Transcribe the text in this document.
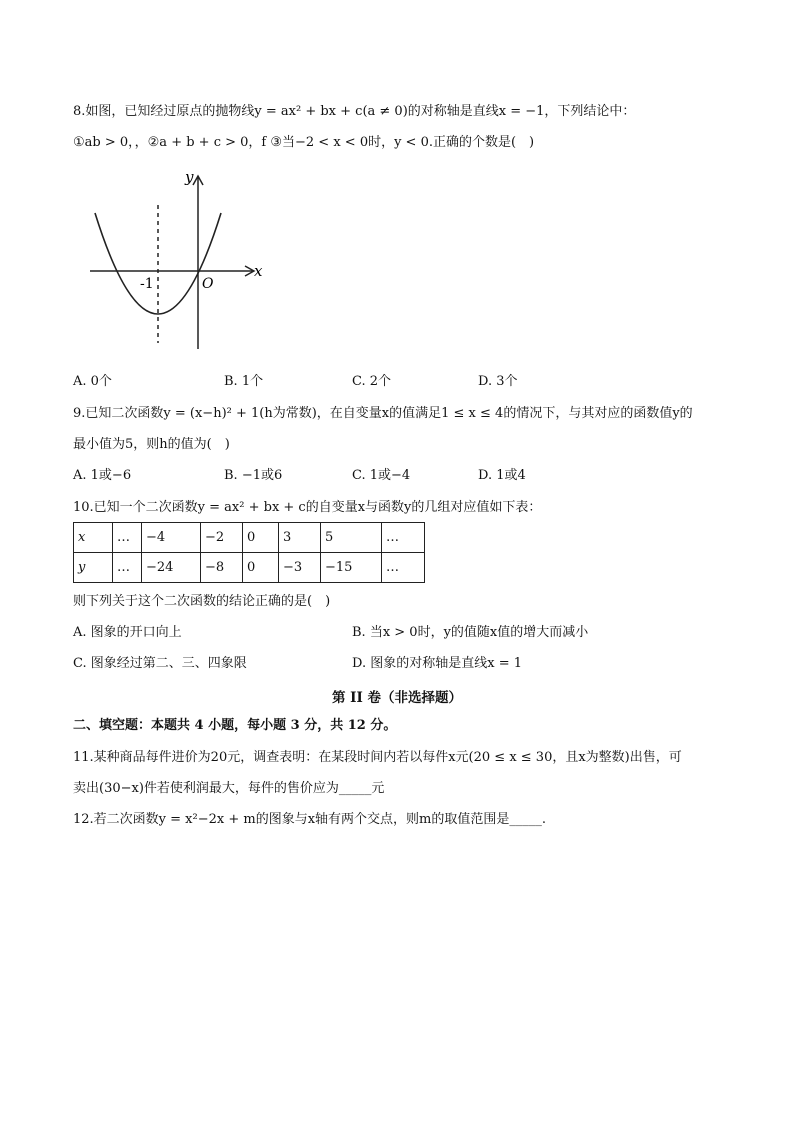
8.如图，已知经过原点的抛物线y = ax² + bx + c(a ≠ 0)的对称轴是直线x = −1，下列结论中：
①ab > 0，，②a + b + c > 0，f ③当−2 < x < 0时，y < 0.正确的个数是(　)
y
x
O
-1
A. 0个	B. 1个	C. 2个	D. 3个
9.已知二次函数y = (x−h)² + 1(h为常数)，在自变量x的值满足1 ≤ x ≤ 4的情况下，与其对应的函数值y的
最小值为5，则h的值为(　)
A. 1或−6	B. −1或6	C. 1或−4	D. 1或4
10.已知一个二次函数y = ax² + bx + c的自变量x与函数y的几组对应值如下表：
x	…	−4	−2	0	3	5	…
y	…	−24	−8	0	−3	−15	…
则下列关于这个二次函数的结论正确的是(　)
A. 图象的开口向上	B. 当x > 0时，y的值随x值的增大而减小
C. 图象经过第二、三、四象限	D. 图象的对称轴是直线x = 1
第 II 卷（非选择题）
二、填空题：本题共 4 小题，每小题 3 分，共 12 分。
11.某种商品每件进价为20元，调查表明：在某段时间内若以每件x元(20 ≤ x ≤ 30，且x为整数)出售，可
卖出(30−x)件若使利润最大，每件的售价应为_____元
12.若二次函数y = x²−2x + m的图象与x轴有两个交点，则m的取值范围是_____.
